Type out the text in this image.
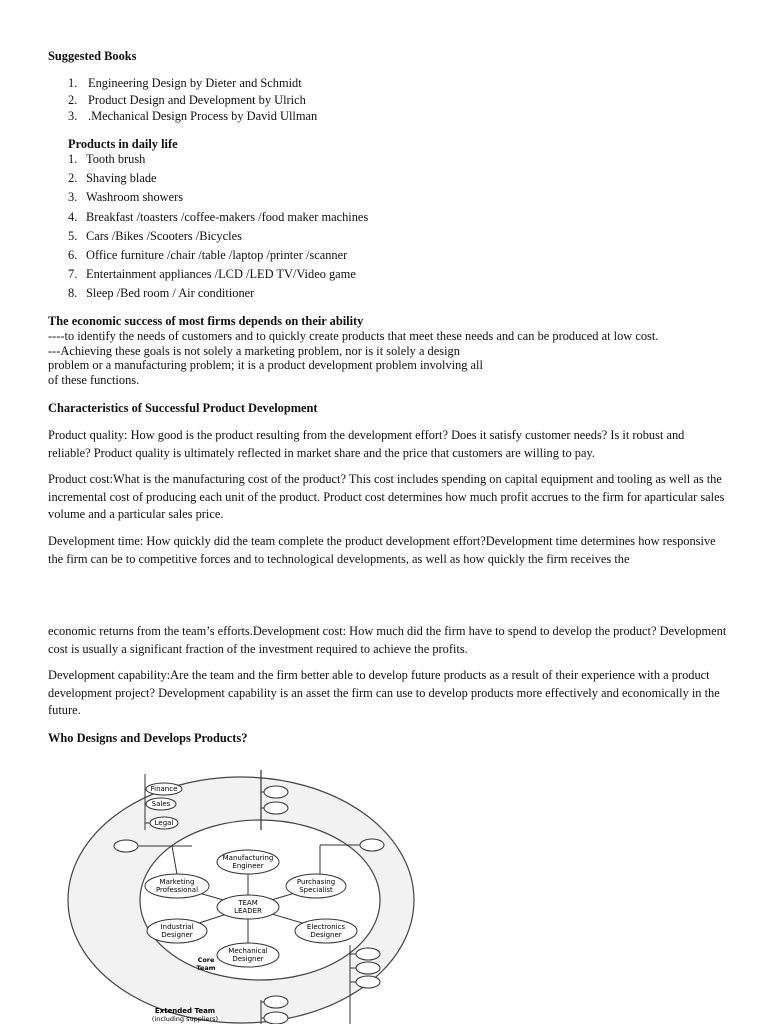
Suggested Books
1. Engineering Design by Dieter and Schmidt
2. Product Design and Development by Ulrich
3. .Mechanical Design Process by David Ullman
Products in daily life
1. Tooth brush
2. Shaving blade
3. Washroom showers
4. Breakfast /toasters /coffee-makers /food maker machines
5. Cars /Bikes /Scooters /Bicycles
6. Office furniture /chair /table /laptop /printer /scanner
7. Entertainment appliances /LCD /LED TV/Video game
8. Sleep /Bed room / Air conditioner
The economic success of most firms depends on their ability

----to identify the needs of customers and to quickly create products that meet these needs and can be produced at low cost.

---Achieving these goals is not solely a marketing problem, nor is it solely a design

problem or a manufacturing problem; it is a product development problem involving all

of these functions.

Characteristics of Successful Product Development

Product quality: How good is the product resulting from the development effort? Does it satisfy customer needs? Is it robust and reliable? Product quality is ultimately reflected in market share and the price that customers are willing to pay.

Product cost:What is the manufacturing cost of the product? This cost includes spending on capital equipment and tooling as well as the incremental cost of producing each unit of the product. Product cost determines how much profit accrues to the firm for aparticular sales volume and a particular sales price.

Development time: How quickly did the team complete the product development effort?Development time determines how responsive the firm can be to competitive forces and to technological developments, as well as how quickly the firm receives the

economic returns from the team’s efforts.Development cost: How much did the firm have to spend to develop the product? Development cost is usually a significant fraction of the investment required to achieve the profits.

Development capability:Are the team and the firm better able to develop future products as a result of their experience with a product development project? Development capability is an asset the firm can use to develop products more effectively and economically in the future.

Who Designs and Develops Products?
Finance
Sales
Legal
Manufacturing
Engineer
Marketing
Professional
Purchasing
Specialist
TEAM
LEADER
Industrial
Designer
Electronics
Designer
Mechanical
Designer
Core
Team
Extended Team
(including suppliers)
